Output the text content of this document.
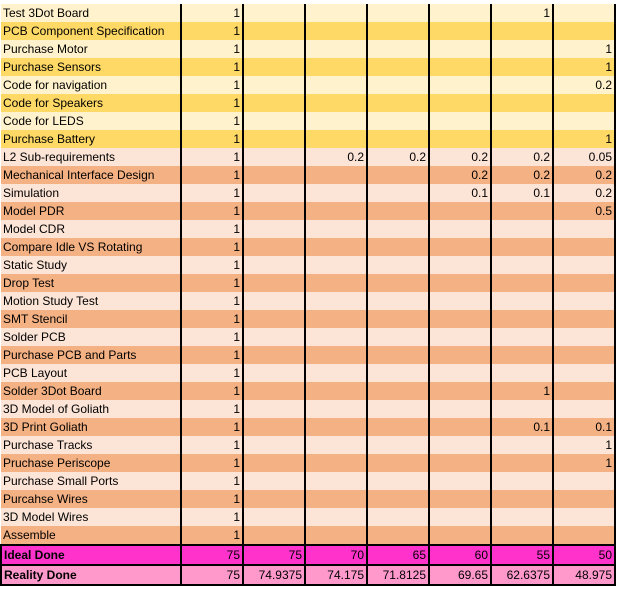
Test 3Dot Board	1					1	
PCB Component Specification	1						
Purchase Motor	1						1
Purchase Sensors	1						1
Code for navigation	1						0.2
Code for Speakers	1						
Code for LEDS	1						
Purchase Battery	1						1
L2 Sub-requirements	1		0.2	0.2	0.2	0.2	0.05
Mechanical Interface Design	1				0.2	0.2	0.2
Simulation	1				0.1	0.1	0.2
Model PDR	1						0.5
Model CDR	1						
Compare Idle VS Rotating	1						
Static Study	1						
Drop Test	1						
Motion Study Test	1						
SMT Stencil	1						
Solder PCB	1						
Purchase PCB and Parts	1						
PCB Layout	1						
Solder 3Dot Board	1					1	
3D Model of Goliath	1						
3D Print Goliath	1					0.1	0.1
Purchase Tracks	1						1
Pruchase Periscope	1						1
Purchase Small Ports	1						
Purcahse Wires	1						
3D Model Wires	1						
Assemble	1						
Ideal Done	75	75	70	65	60	55	50
Reality Done	75	74.9375	74.175	71.8125	69.65	62.6375	48.975
